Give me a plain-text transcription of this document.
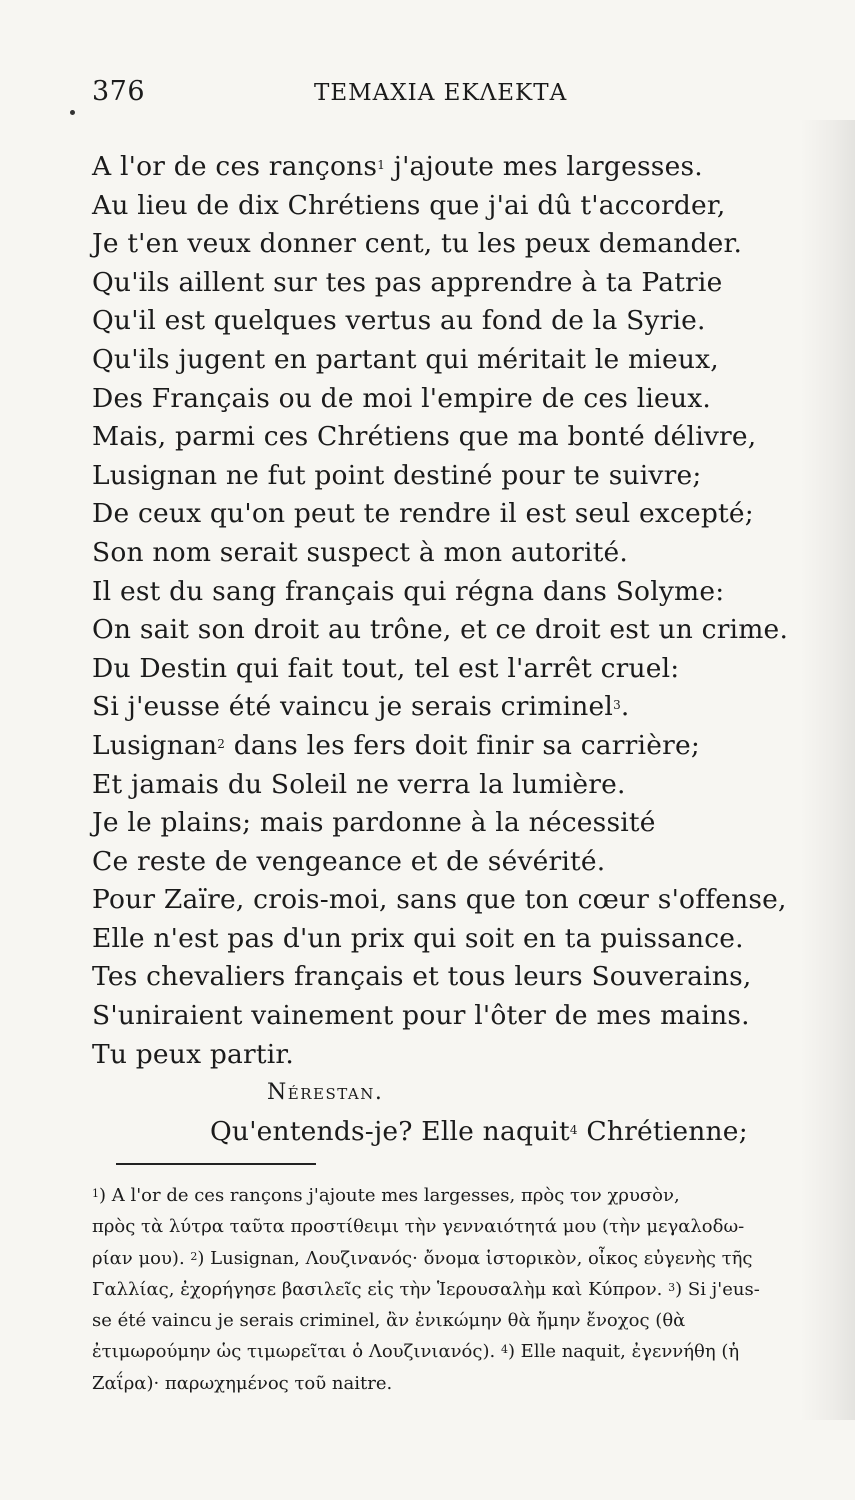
376	ΤΕΜΑΧΙΑ ΕΚΛΕΚΤΑ
A l'or de ces rançons$^1$ j'ajoute mes largesses.
Au lieu de dix Chrétiens que j'ai dû t'accorder,
Je t'en veux donner cent, tu les peux demander.
Qu'ils aillent sur tes pas apprendre à ta Patrie
Qu'il est quelques vertus au fond de la Syrie.
Qu'ils jugent en partant qui méritait le mieux,
Des Français ou de moi l'empire de ces lieux.
Mais, parmi ces Chrétiens que ma bonté délivre,
Lusignan ne fut point destiné pour te suivre;
De ceux qu'on peut te rendre il est seul excepté;
Son nom serait suspect à mon autorité.
Il est du sang français qui régna dans Solyme:
On sait son droit au trône, et ce droit est un crime.
Du Destin qui fait tout, tel est l'arrêt cruel:
Si j'eusse été vaincu je serais criminel$^3$.
Lusignan$^2$ dans les fers doit finir sa carrière;
Et jamais du Soleil ne verra la lumière.
Je le plains; mais pardonne à la nécessité
Ce reste de vengeance et de sévérité.
Pour Zaïre, crois-moi, sans que ton cœur s'offense,
Elle n'est pas d'un prix qui soit en ta puissance.
Tes chevaliers français et tous leurs Souverains,
S'uniraient vainement pour l'ôter de mes mains.
Tu peux partir.
Nérestan.
Qu'entends-je? Elle naquit$^4$ Chrétienne;
$^1$) A l'or de ces rançons j'ajoute mes largesses, πρὸς τον χρυσὸν,
πρὸς τὰ λύτρα ταῦτα προστίθειμι τὴν γενναιότητά μου (τὴν μεγαλοδω-
ρίαν μου). $^2$) Lusignan, Λουζινανός· ὄνομα ἱστορικὸν, οἶκος εὐγενὴς τῆς
Γαλλίας, ἐχορήγησε βασιλεῖς εἰς τὴν Ἱερουσαλὴμ καὶ Κύπρον. $^3$) Si j'eus-
se été vaincu je serais criminel, ἂν ἐνικώμην θὰ ἤμην ἔνοχος (θὰ
ἐτιμωρούμην ὡς τιμωρεῖται ὁ Λουζινιανός). $^4$) Elle naquit, ἐγεννήθη (ἡ
Ζαΐρα)· παρωχημένος τοῦ naitre.
